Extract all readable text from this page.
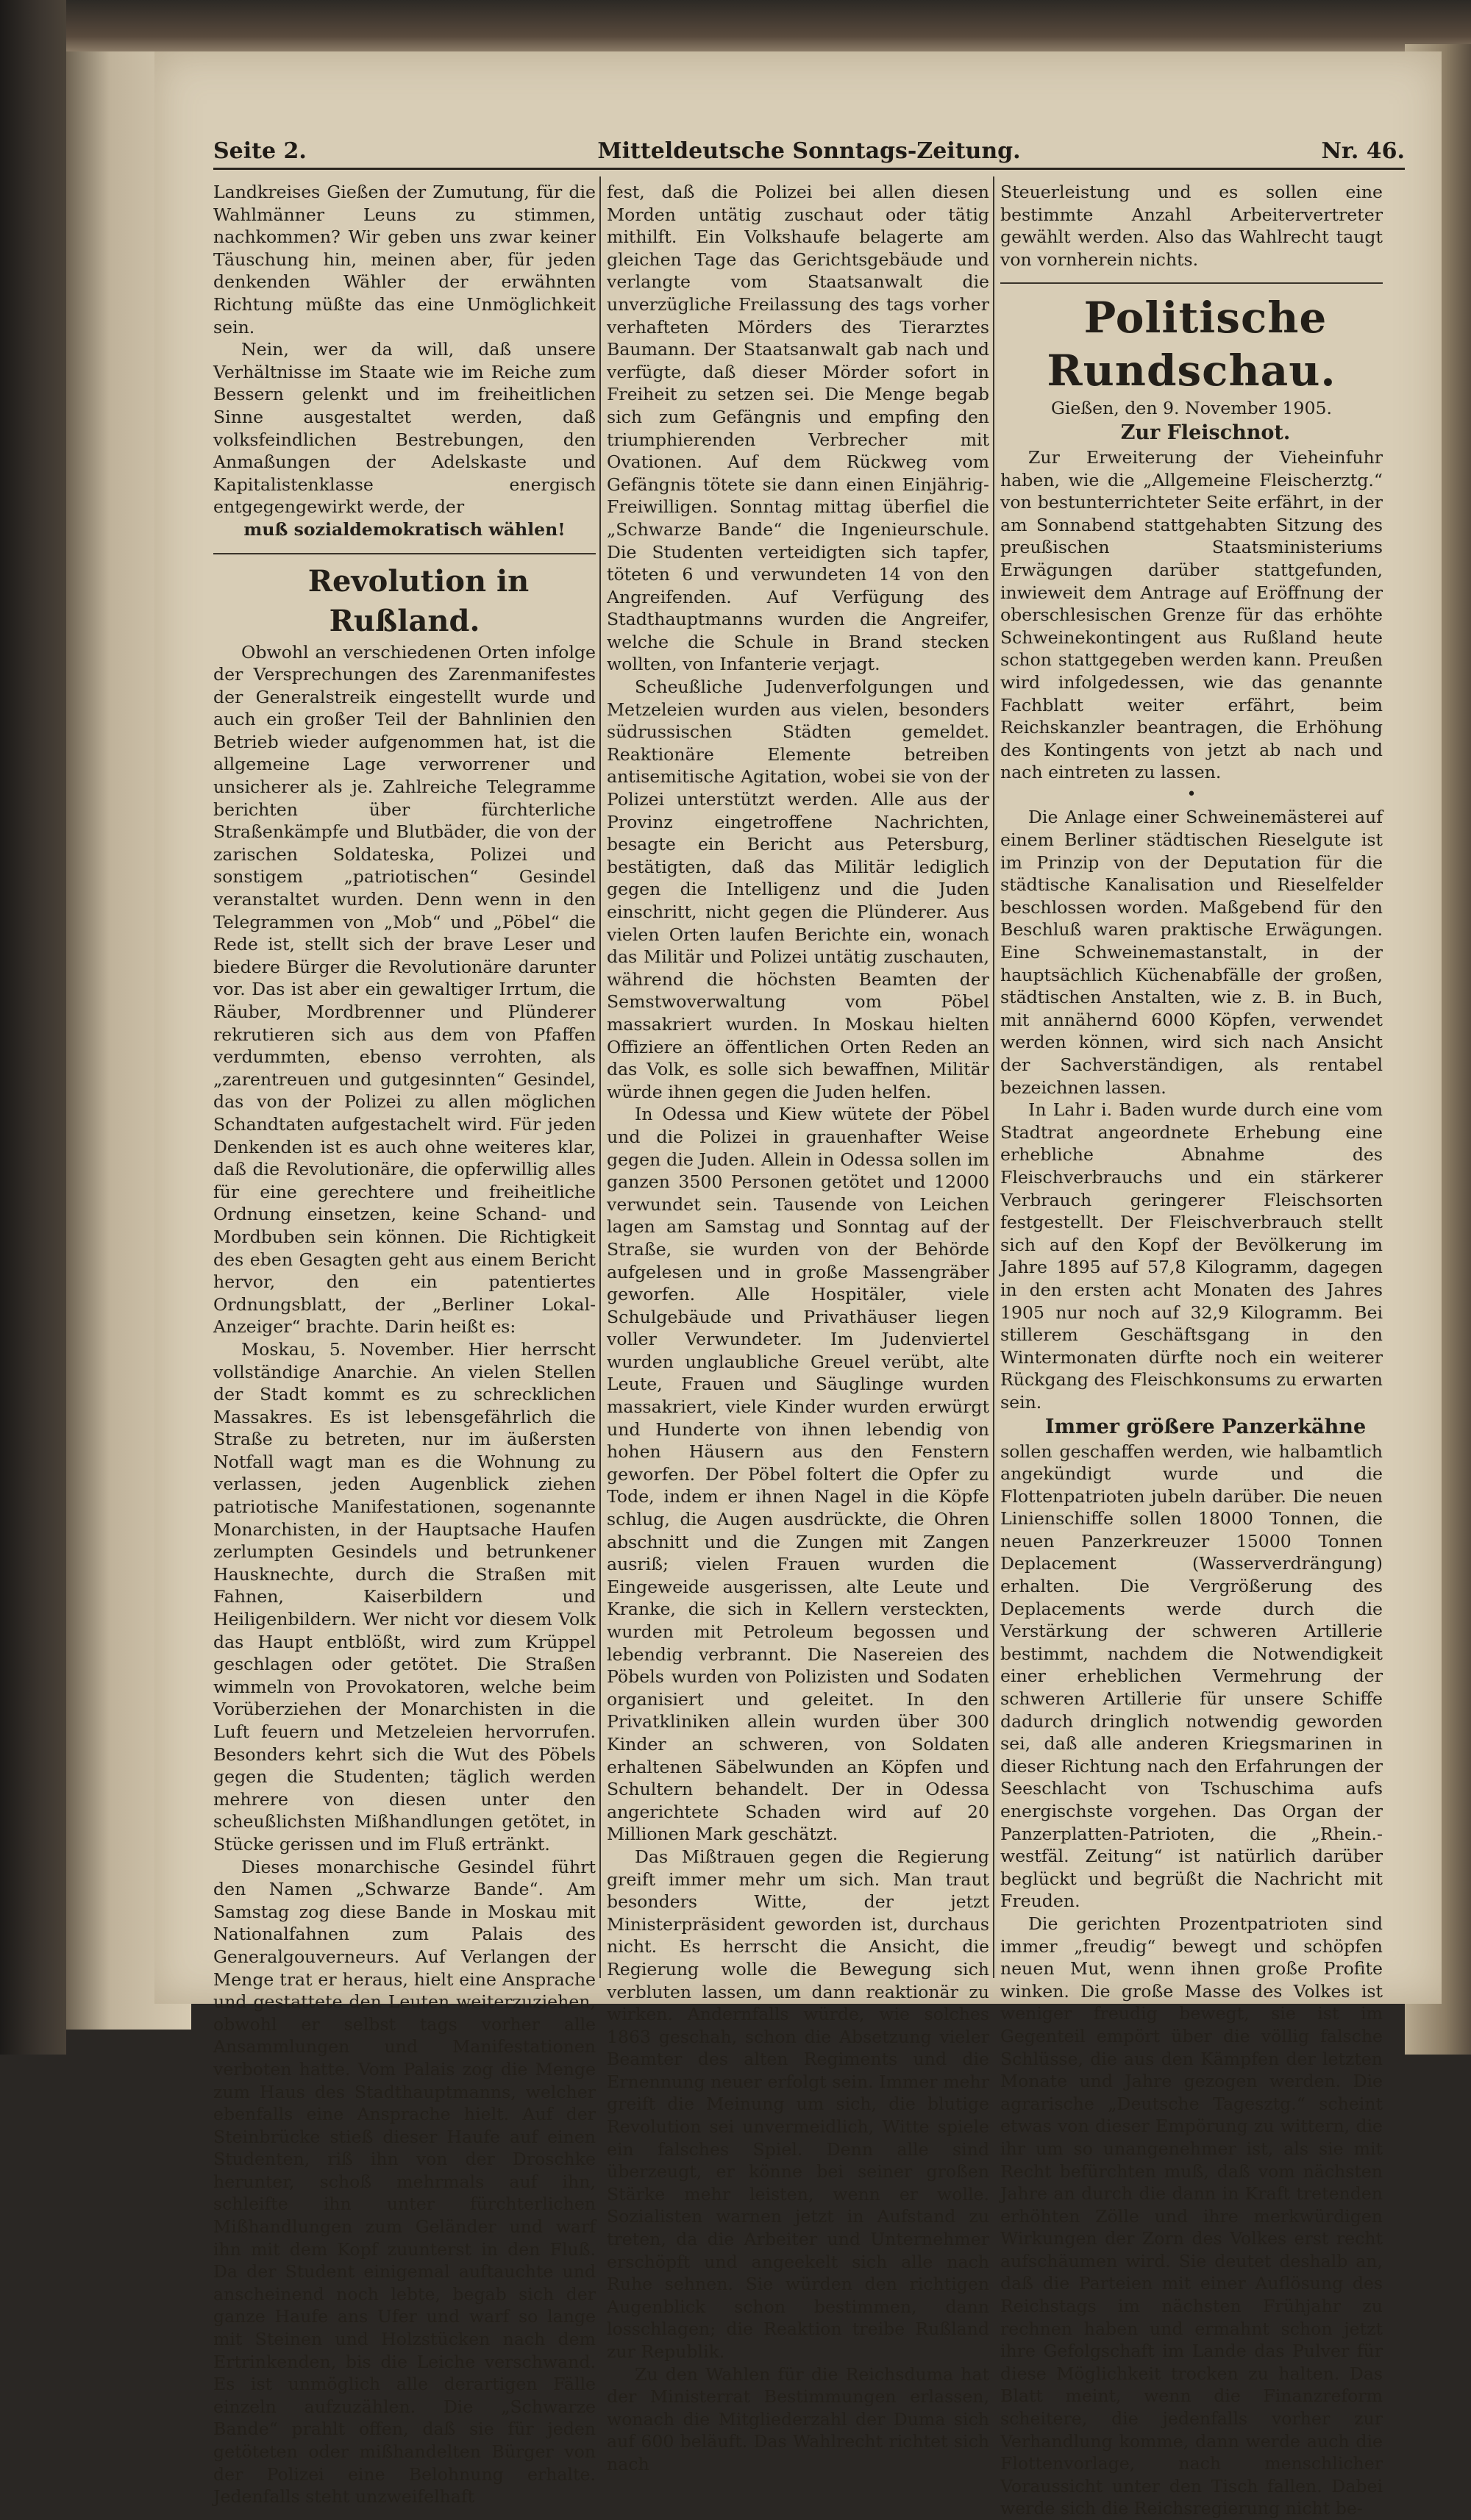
Seite 2.	Mitteldeutsche Sonntags-Zeitung.	Nr. 46.

Landkreises Gießen der Zumutung, für die Wahlmänner Leuns zu stimmen, nachkommen? Wir geben uns zwar keiner Täuschung hin, meinen aber, für jeden denkenden Wähler der erwähnten Richtung müßte das eine Unmöglichkeit sein.

Nein, wer da will, daß unsere Verhältnisse im Staate wie im Reiche zum Bessern gelenkt und im freiheitlichen Sinne ausgestaltet werden, daß volksfeindlichen Bestrebungen, den Anmaßungen der Adelskaste und Kapitalistenklasse energisch entgegengewirkt werde, der

muß sozialdemokratisch wählen!

Revolution in Rußland.

Obwohl an verschiedenen Orten infolge der Versprechungen des Zarenmanifestes der Generalstreik eingestellt wurde und auch ein großer Teil der Bahnlinien den Betrieb wieder aufgenommen hat, ist die allgemeine Lage verworrener und unsicherer als je. Zahlreiche Telegramme berichten über fürchterliche Straßenkämpfe und Blutbäder, die von der zarischen Soldateska, Polizei und sonstigem „patriotischen“ Gesindel veranstaltet wurden. Denn wenn in den Telegrammen von „Mob“ und „Pöbel“ die Rede ist, stellt sich der brave Leser und biedere Bürger die Revolutionäre darunter vor. Das ist aber ein gewaltiger Irrtum, die Räuber, Mordbrenner und Plünderer rekrutieren sich aus dem von Pfaffen verdummten, ebenso verrohten, als „zarentreuen und gutgesinnten“ Gesindel, das von der Polizei zu allen möglichen Schandtaten aufgestachelt wird. Für jeden Denkenden ist es auch ohne weiteres klar, daß die Revolutionäre, die opferwillig alles für eine gerechtere und freiheitliche Ordnung einsetzen, keine Schand- und Mordbuben sein können. Die Richtigkeit des eben Gesagten geht aus einem Bericht hervor, den ein patentiertes Ordnungsblatt, der „Berliner Lokal-Anzeiger“ brachte. Darin heißt es:

Moskau, 5. November. Hier herrscht vollständige Anarchie. An vielen Stellen der Stadt kommt es zu schrecklichen Massakres. Es ist lebensgefährlich die Straße zu betreten, nur im äußersten Notfall wagt man es die Wohnung zu verlassen, jeden Augenblick ziehen patriotische Manifestationen, sogenannte Monarchisten, in der Hauptsache Haufen zerlumpten Gesindels und betrunkener Hausknechte, durch die Straßen mit Fahnen, Kaiserbildern und Heiligenbildern. Wer nicht vor diesem Volk das Haupt entblößt, wird zum Krüppel geschlagen oder getötet. Die Straßen wimmeln von Provokatoren, welche beim Vorüberziehen der Monarchisten in die Luft feuern und Metzeleien hervorrufen. Besonders kehrt sich die Wut des Pöbels gegen die Studenten; täglich werden mehrere von diesen unter den scheußlichsten Mißhandlungen getötet, in Stücke gerissen und im Fluß ertränkt.

Dieses monarchische Gesindel führt den Namen „Schwarze Bande“. Am Samstag zog diese Bande in Moskau mit Nationalfahnen zum Palais des Generalgouverneurs. Auf Verlangen der Menge trat er heraus, hielt eine Ansprache und gestattete den Leuten weiterzuziehen, obwohl er selbst tags vorher alle Ansammlungen und Manifestationen verboten hatte. Vom Palais zog die Menge zum Haus des Stadthauptmanns, welcher ebenfalls eine Ansprache hielt. Auf der Steinbrücke stieß dieser Haufe auf einen Studenten, riß ihn von der Droschke herunter, schoß mehrmals auf ihn, schleifte ihn unter fürchterlichen Mißhandlungen zum Geländer und warf ihn mit dem Kopf zuunterst in den Fluß. Da der Student einigemal auftauchte und anscheinend noch lebte, begab sich der ganze Haufe ans Ufer und warf so lange mit Steinen und Holzstücken nach dem Ertrinkenden, bis die Leiche verschwand. Es ist unmöglich alle derartigen Fälle einzeln aufzuzählen. Die „Schwarze Bande“ prahlt offen, daß sie für jeden getöteten oder mißhandelten Bürger von der Polizei eine Belohnung erhalte. Jedenfalls steht unzweifelhaft

fest, daß die Polizei bei allen diesen Morden untätig zuschaut oder tätig mithilft. Ein Volkshaufe belagerte am gleichen Tage das Gerichtsgebäude und verlangte vom Staatsanwalt die unverzügliche Freilassung des tags vorher verhafteten Mörders des Tierarztes Baumann. Der Staatsanwalt gab nach und verfügte, daß dieser Mörder sofort in Freiheit zu setzen sei. Die Menge begab sich zum Gefängnis und empfing den triumphierenden Verbrecher mit Ovationen. Auf dem Rückweg vom Gefängnis tötete sie dann einen Einjährig-Freiwilligen. Sonntag mittag überfiel die „Schwarze Bande“ die Ingenieurschule. Die Studenten verteidigten sich tapfer, töteten 6 und verwundeten 14 von den Angreifenden. Auf Verfügung des Stadthauptmanns wurden die Angreifer, welche die Schule in Brand stecken wollten, von Infanterie verjagt.

Scheußliche Judenverfolgungen und Metzeleien wurden aus vielen, besonders südrussischen Städten gemeldet. Reaktionäre Elemente betreiben antisemitische Agitation, wobei sie von der Polizei unterstützt werden. Alle aus der Provinz eingetroffene Nachrichten, besagte ein Bericht aus Petersburg, bestätigten, daß das Militär lediglich gegen die Intelligenz und die Juden einschritt, nicht gegen die Plünderer. Aus vielen Orten laufen Berichte ein, wonach das Militär und Polizei untätig zuschauten, während die höchsten Beamten der Semstwoverwaltung vom Pöbel massakriert wurden. In Moskau hielten Offiziere an öffentlichen Orten Reden an das Volk, es solle sich bewaffnen, Militär würde ihnen gegen die Juden helfen.

In Odessa und Kiew wütete der Pöbel und die Polizei in grauenhafter Weise gegen die Juden. Allein in Odessa sollen im ganzen 3500 Personen getötet und 12000 verwundet sein. Tausende von Leichen lagen am Samstag und Sonntag auf der Straße, sie wurden von der Behörde aufgelesen und in große Massengräber geworfen. Alle Hospitäler, viele Schulgebäude und Privathäuser liegen voller Verwundeter. Im Judenviertel wurden unglaubliche Greuel verübt, alte Leute, Frauen und Säuglinge wurden massakriert, viele Kinder wurden erwürgt und Hunderte von ihnen lebendig von hohen Häusern aus den Fenstern geworfen. Der Pöbel foltert die Opfer zu Tode, indem er ihnen Nagel in die Köpfe schlug, die Augen ausdrückte, die Ohren abschnitt und die Zungen mit Zangen ausriß; vielen Frauen wurden die Eingeweide ausgerissen, alte Leute und Kranke, die sich in Kellern versteckten, wurden mit Petroleum begossen und lebendig verbrannt. Die Nasereien des Pöbels wurden von Polizisten und Sodaten organisiert und geleitet. In den Privatkliniken allein wurden über 300 Kinder an schweren, von Soldaten erhaltenen Säbelwunden an Köpfen und Schultern behandelt. Der in Odessa angerichtete Schaden wird auf 20 Millionen Mark geschätzt.

Das Mißtrauen gegen die Regierung greift immer mehr um sich. Man traut besonders Witte, der jetzt Ministerpräsident geworden ist, durchaus nicht. Es herrscht die Ansicht, die Regierung wolle die Bewegung sich verbluten lassen, um dann reaktionär zu wirken. Andernfalls würde, wie solches 1863 geschah, schon die Absetzung vieler Beamter des alten Regiments und die Ernennung neuer erfolgt sein. Immer mehr greift die Meinung um sich, die blutige Revolution sei unvermeidlich, Witte spiele ein falsches Spiel. Denn alle sind überzeugt, er könne bei seiner großen Stärke mehr leisten, wenn er wolle. Sozialisten warnen jetzt in Aufstand zu treten, da die Arbeiter und Unternehmer erschöpft und angeekelt sich alle nach Ruhe sehnen. Sie würden den richtigen Augenblick schon bestimmen, dann losschlagen; die Reaktion treibe Rußland zur Republik.

Zu den Wahlen für die Reichsduma hat der Ministerrat Bestimmungen erlassen, wonach die Mitgliederzahl der Duma sich auf 600 beläuft. Das Wahlrecht richtet sich nach

Steuerleistung und es sollen eine bestimmte Anzahl Arbeitervertreter gewählt werden. Also das Wahlrecht taugt von vornherein nichts.

Politische Rundschau.

Gießen, den 9. November 1905.

Zur Fleischnot.

Zur Erweiterung der Vieheinfuhr haben, wie die „Allgemeine Fleischerztg.“ von bestunterrichteter Seite erfährt, in der am Sonnabend stattgehabten Sitzung des preußischen Staatsministeriums Erwägungen darüber stattgefunden, inwieweit dem Antrage auf Eröffnung der oberschlesischen Grenze für das erhöhte Schweinekontingent aus Rußland heute schon stattgegeben werden kann. Preußen wird infolgedessen, wie das genannte Fachblatt weiter erfährt, beim Reichskanzler beantragen, die Erhöhung des Kontingents von jetzt ab nach und nach eintreten zu lassen.

•

Die Anlage einer Schweinemästerei auf einem Berliner städtischen Rieselgute ist im Prinzip von der Deputation für die städtische Kanalisation und Rieselfelder beschlossen worden. Maßgebend für den Beschluß waren praktische Erwägungen. Eine Schweinemastanstalt, in der hauptsächlich Küchenabfälle der großen, städtischen Anstalten, wie z. B. in Buch, mit annähernd 6000 Köpfen, verwendet werden können, wird sich nach Ansicht der Sachverständigen, als rentabel bezeichnen lassen.

In Lahr i. Baden wurde durch eine vom Stadtrat angeordnete Erhebung eine erhebliche Abnahme des Fleischverbrauchs und ein stärkerer Verbrauch geringerer Fleischsorten festgestellt. Der Fleischverbrauch stellt sich auf den Kopf der Bevölkerung im Jahre 1895 auf 57,8 Kilogramm, dagegen in den ersten acht Monaten des Jahres 1905 nur noch auf 32,9 Kilogramm. Bei stillerem Geschäftsgang in den Wintermonaten dürfte noch ein weiterer Rückgang des Fleischkonsums zu erwarten sein.

Immer größere Panzerkähne

sollen geschaffen werden, wie halbamtlich angekündigt wurde und die Flottenpatrioten jubeln darüber. Die neuen Linienschiffe sollen 18000 Tonnen, die neuen Panzerkreuzer 15000 Tonnen Deplacement (Wasserverdrängung) erhalten. Die Vergrößerung des Deplacements werde durch die Verstärkung der schweren Artillerie bestimmt, nachdem die Notwendigkeit einer erheblichen Vermehrung der schweren Artillerie für unsere Schiffe dadurch dringlich notwendig geworden sei, daß alle anderen Kriegsmarinen in dieser Richtung nach den Erfahrungen der Seeschlacht von Tschuschima aufs energischste vorgehen. Das Organ der Panzerplatten-Patrioten, die „Rhein.-westfäl. Zeitung“ ist natürlich darüber beglückt und begrüßt die Nachricht mit Freuden.

Die gerichten Prozentpatrioten sind immer „freudig“ bewegt und schöpfen neuen Mut, wenn ihnen große Profite winken. Die große Masse des Volkes ist weniger freudig bewegt, sie ist im Gegenteil empört über die völlig falsche Schlüsse, die aus den Kämpfen der letzten Monate und Jahre gezogen werden. Die agrarische „Deutsche Tagesztg.“ scheint etwas von dieser Empörung zu wittern, die ihr um so unangenehmer ist, als sie mit Recht befürchten muß, daß vom nächsten Jahre an durch die dann in Kraft tretenden erhöhten Zölle und ihre merkwürdigen Wirkungen der Zorn des Volkes erst recht aufschäumen wird. Sie deutet deshalb an, daß die Parteien mit einer Auflösung des Reichstags im nächsten Frühjahr zu rechnen haben und ermahnt schon jetzt ihre Gefolgschaft im Lande das Pulver für diese Möglichkeit trocken zu halten. Das Blatt meint, wenn die Finanzreform scheitere, die jedenfalls vorher zur Verhandlung komme, dann werde auch die Flottenvorlage, nach menschlicher Voraussicht unter den Tisch fallen. Dabei werde sich die Reichsregierung nicht be-
